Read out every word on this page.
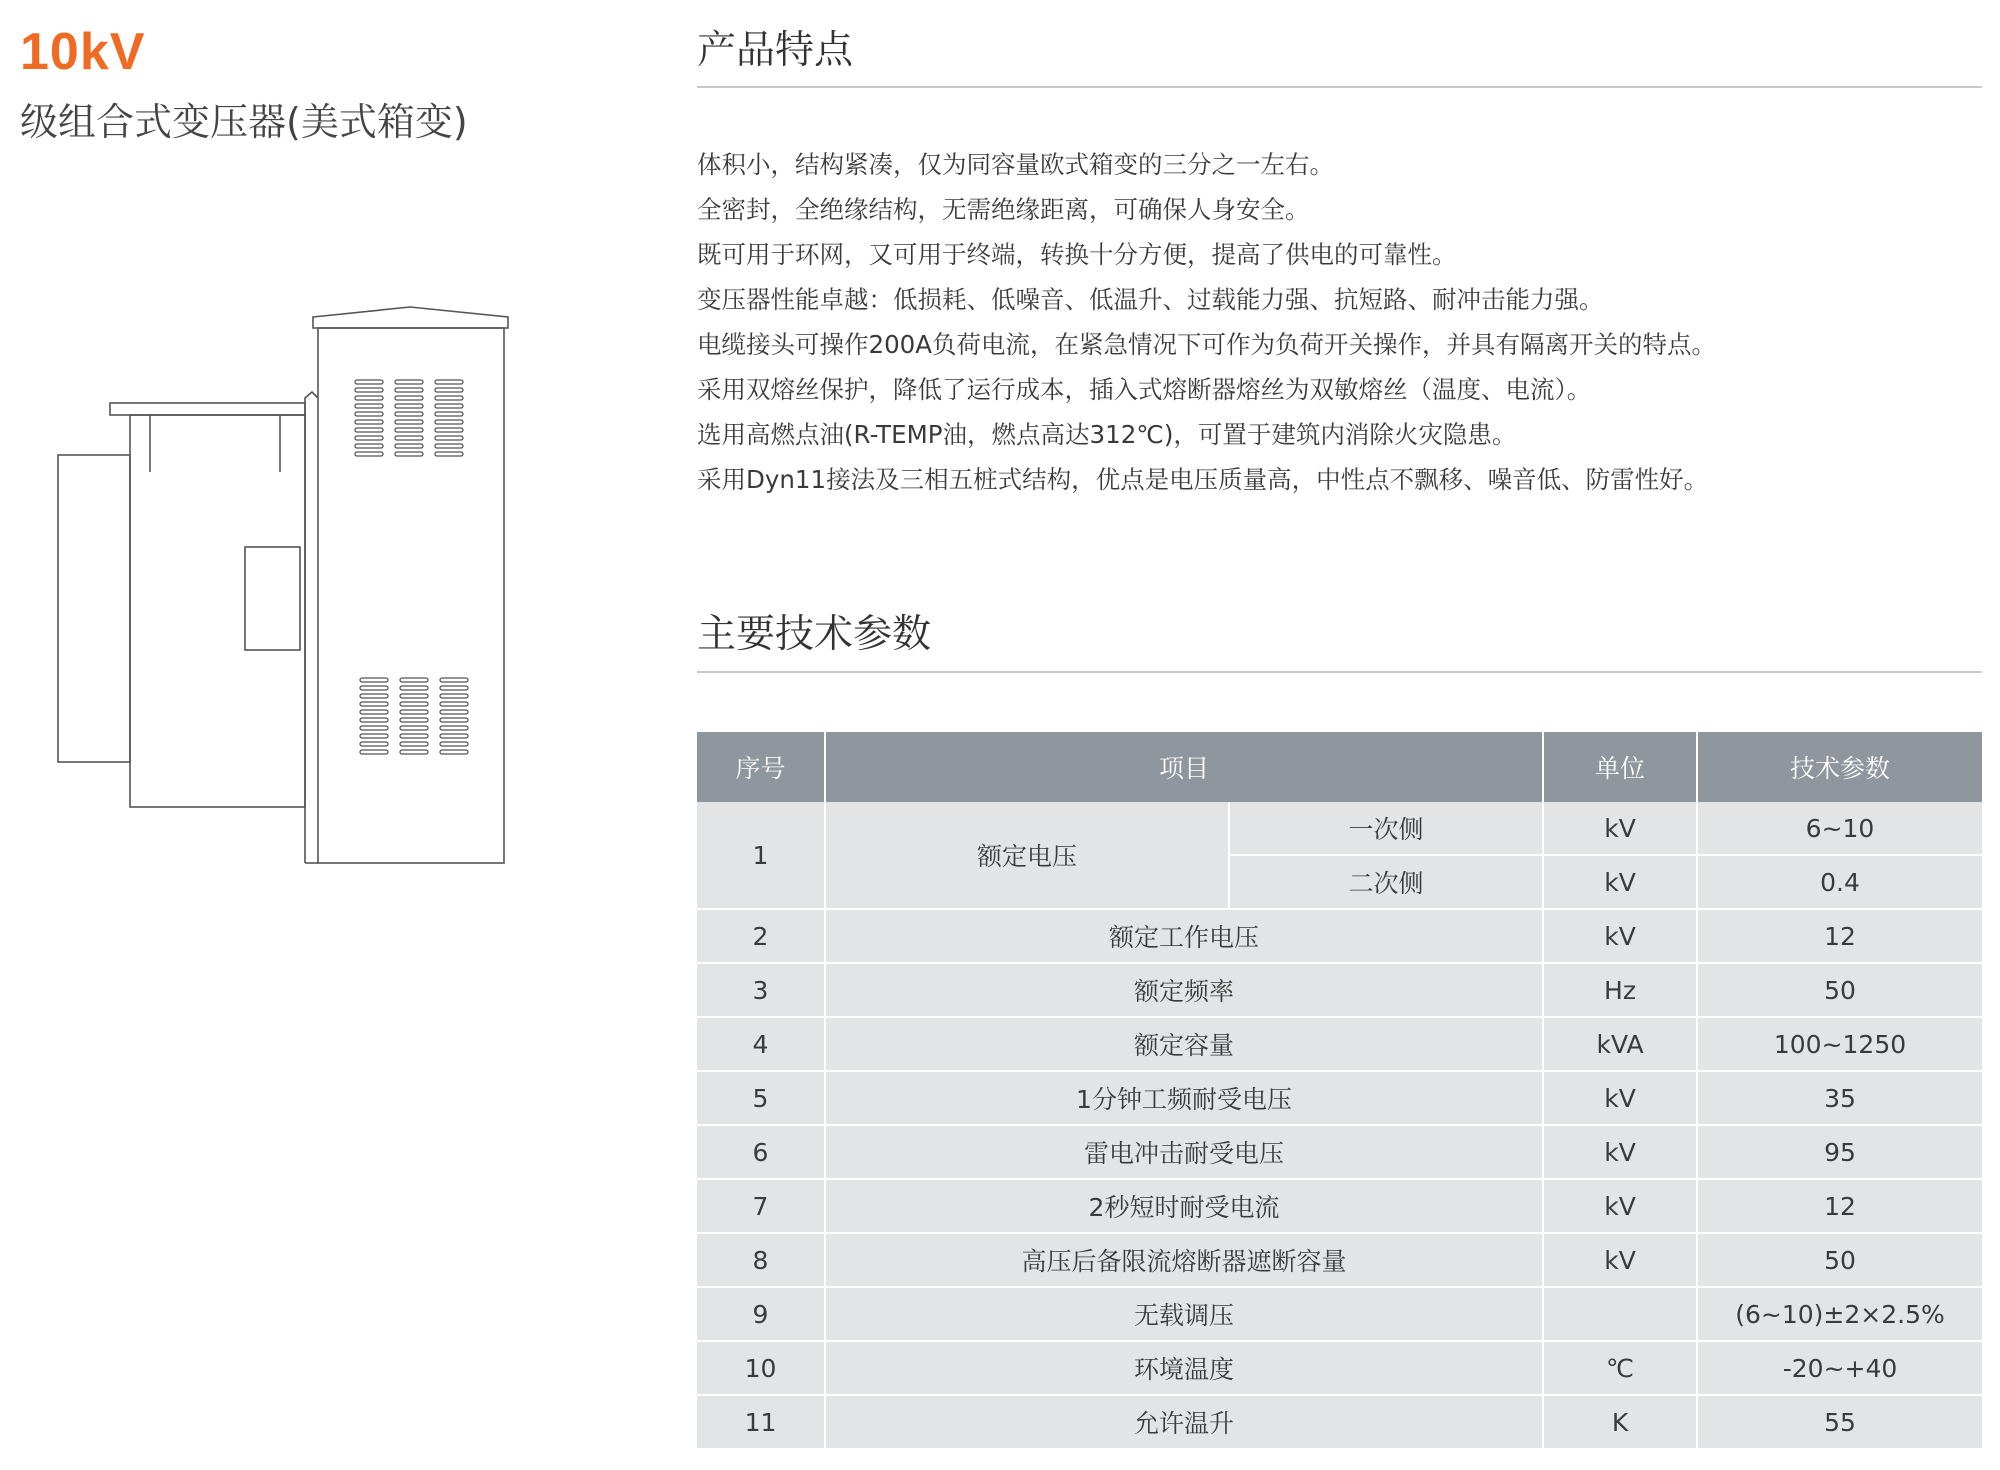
10kV
级组合式变压器(美式箱变)
产品特点
体积小，结构紧凑，仅为同容量欧式箱变的三分之一左右。
全密封，全绝缘结构，无需绝缘距离，可确保人身安全。
既可用于环网，又可用于终端，转换十分方便，提高了供电的可靠性。
变压器性能卓越：低损耗、低噪音、低温升、过载能力强、抗短路、耐冲击能力强。
电缆接头可操作200A负荷电流，在紧急情况下可作为负荷开关操作，并具有隔离开关的特点。
采用双熔丝保护，降低了运行成本，插入式熔断器熔丝为双敏熔丝（温度、电流）。
选用高燃点油(R-TEMP油，燃点高达312℃)，可置于建筑内消除火灾隐患。
采用Dyn11接法及三相五桩式结构，优点是电压质量高，中性点不飘移、噪音低、防雷性好。
主要技术参数
序号	项目		单位	技术参数
1	额定电压	一次侧	kV	6~10
		二次侧	kV	0.4
2	额定工作电压		kV	12
3	额定频率		Hz	50
4	额定容量		kVA	100~1250
5	1分钟工频耐受电压		kV	35
6	雷电冲击耐受电压		kV	95
7	2秒短时耐受电流		kV	12
8	高压后备限流熔断器遮断容量		kV	50
9	无载调压			(6~10)±2×2.5%
10	环境温度		℃	-20~+40
11	允许温升		K	55
